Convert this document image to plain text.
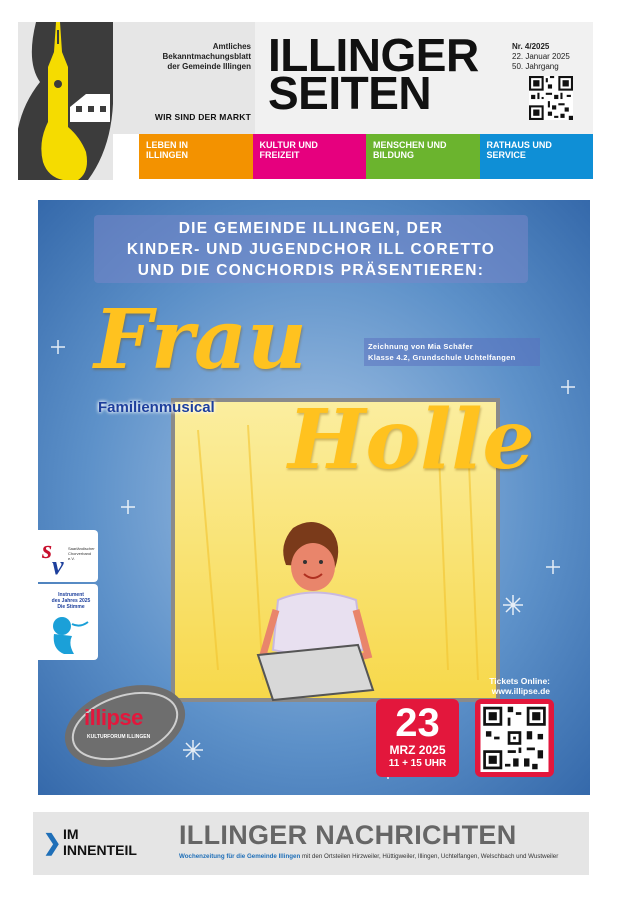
Amtliches
Bekanntmachungsblatt
der Gemeinde Illingen
WIR SIND DER MARKT
ILLINGER
SEITEN
Nr. 4/2025
22. Januar 2025
50. Jahrgang
LEBEN IN
ILLINGEN
KULTUR UND
FREIZEIT
MENSCHEN UND
BILDUNG
RATHAUS UND
SERVICE
DIE GEMEINDE ILLINGEN, DER
KINDER- UND JUGENDCHOR ILL CORETTO
UND DIE CONCHORDIS PRÄSENTIEREN:
Frau
Familienmusical Holle
Zeichnung von Mia Schäfer
Klasse 4.2, Grundschule Uchtelfangen
s
v
Saarländischer Chorverband e.V.
Instrument
des Jahres 2025
Die Stimme
illipse
KULTURFORUM ILLINGEN
Tickets Online:
www.illipse.de
23
MRZ 2025
11 + 15 UHR
❯ IM
INNENTEIL ILLINGER NACHRICHTEN
Wochenzeitung für die Gemeinde Illingen mit den Ortsteilen Hirzweiler, Hüttigweiler, Illingen, Uchtelfangen, Welschbach und Wustweiler
